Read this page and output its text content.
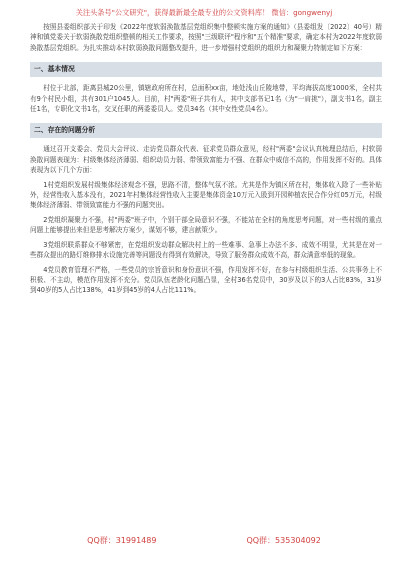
关注头条号"公文研究"，获得最新最全最专业的公文资料库！ 微信：gongwenyj

按照县委组织部关于印发《2022年度软弱涣散基层党组织集中整顿实施方案的通知》（县委组发〔2022〕40号）精神和镇党委关于软弱涣散党组织整顿的相关工作要求，按照"三级联评"程序和"五个精准"要求，确定本村为2022年度软弱涣散基层党组织。为扎实推动本村软弱涣散问题整改提升，进一步增强村党组织的组织力和凝聚力特制定如下方案：

一、基本情况

村位于北部，距离县城20公里，镇辖政府所在村，总面积xx亩，地处浅山丘陵地带，平均海拔高度1000米，全村共有9个村民小组，共有301户1045人。目前，村"两委"班子共有人，其中支部书记1名（为"一肩挑"），副支书1名，副主任1名，专职化文书1名，交叉任职的两委委员人。党员34名（其中女性党员4名）。

二、存在的问题分析

通过召开支委会、党员大会评议、走访党员群众代表、征求党员群众意见，经村"两委"会议认真梳理总结后，村软弱涣散问题表现为：村级集体经济薄弱、组织动员力弱、带领致富能力不强、在群众中威信不高的，作用发挥不好的。具体表现为以下几个方面：

1村党组织发展村级集体经济观念不强，思路不清，整体气氛不浓。尤其是作为镇区所在村，集体收入除了一些补贴外，经营性收入基本没有，2021年村集体经营性收入主要是集体资金10万元入股到开园种植农民合作分红05万元，村级集体经济薄弱、带领致富能力不强的问题突出。

2党组织凝聚力不强，村"两委"班子中，个别干部全局意识不强，不能站在全村的角度思考问题，对一些村级的重点问题上能够提出来但是思考解决方案少，谋划不够，建言献策少。

3党组织联系群众不够紧密，在党组织发动群众解决村上的一些难事、急事上办法不多、成效不明显，尤其是在对一些群众提出的路灯维修排水设施完善等问题没有得到有效解决，导致了服务群众成效不高，群众满意率低的现象。

4党员教育管理不严格，一些党员的宗旨意识和身份意识不强，作用发挥不好，在参与村级组织生活、公共事务上不积极、不主动，模范作用发挥不充分。党员队伍老龄化问题凸显，全村36名党员中，30岁及以下的3人占比83%，31岁到40岁的5人占比138%，41岁到45岁的4人占比111%。

QQ群：31991489	QQ群：535304092
